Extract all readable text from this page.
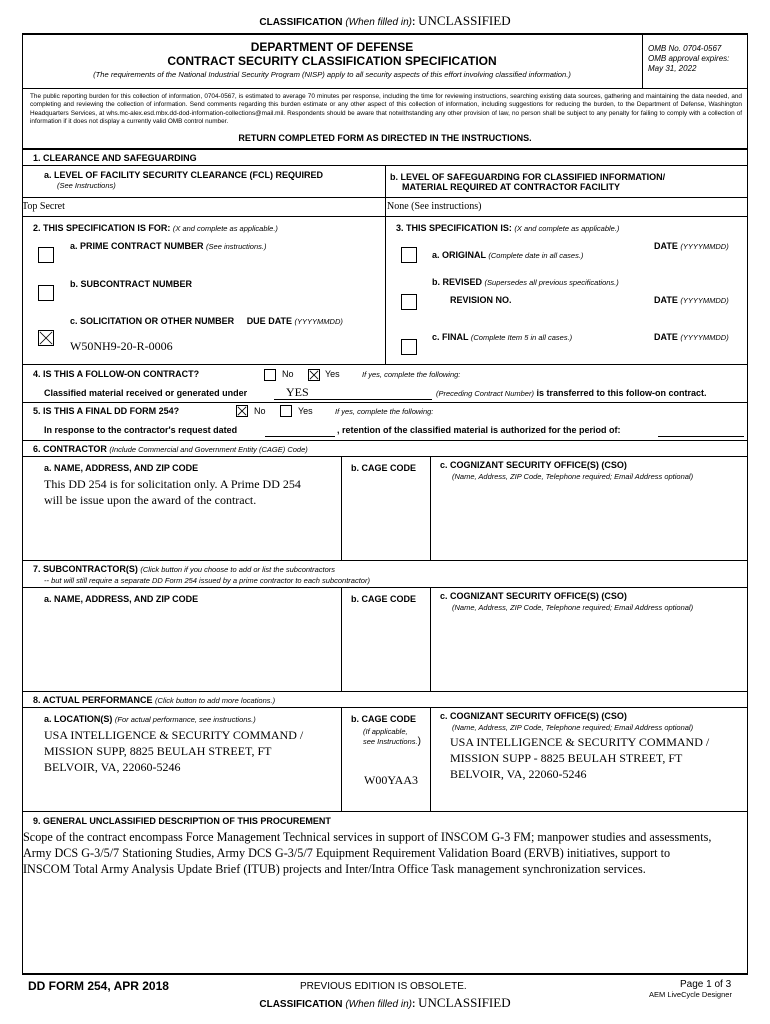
CLASSIFICATION (When filled in): UNCLASSIFIED
DEPARTMENT OF DEFENSE
CONTRACT SECURITY CLASSIFICATION SPECIFICATION
(The requirements of the National Industrial Security Program (NISP) apply to all security aspects of this effort involving classified information.)
OMB No. 0704-0567
OMB approval expires:
May 31, 2022
The public reporting burden for this collection of information, 0704-0567, is estimated to average 70 minutes per response, including the time for reviewing instructions, searching existing data sources, gathering and maintaining the data needed, and completing and reviewing the collection of information. Send comments regarding this burden estimate or any other aspect of this collection of information, including suggestions for reducing the burden, to the Department of Defense, Washington Headquarters Services, at whs.mc-alex.esd.mbx.dd-dod-information-collections@mail.mil. Respondents should be aware that notwithstanding any other provision of law, no person shall be subject to any penalty for failing to comply with a collection of information if it does not display a currently valid OMB control number.
RETURN COMPLETED FORM AS DIRECTED IN THE INSTRUCTIONS.
1. CLEARANCE AND SAFEGUARDING
a. LEVEL OF FACILITY SECURITY CLEARANCE (FCL) REQUIRED
(See Instructions)
b. LEVEL OF SAFEGUARDING FOR CLASSIFIED INFORMATION/
MATERIAL REQUIRED AT CONTRACTOR FACILITY
Top Secret	None (See instructions)
2. THIS SPECIFICATION IS FOR: (X and complete as applicable.)	3. THIS SPECIFICATION IS: (X and complete as applicable.)
a. PRIME CONTRACT NUMBER (See instructions.)
b. SUBCONTRACT NUMBER
c. SOLICITATION OR OTHER NUMBER DUE DATE (YYYYMMDD)
W50NH9-20-R-0006
DATE (YYYYMMDD)
a. ORIGINAL (Complete date in all cases.)
b. REVISED (Supersedes all previous specifications.)
REVISION NO.	DATE (YYYYMMDD)
c. FINAL (Complete Item 5 in all cases.)	DATE (YYYYMMDD)
4. IS THIS A FOLLOW-ON CONTRACT?	No	Yes	If yes, complete the following:
Classified material received or generated under	YES	(Preceding Contract Number) is transferred to this follow-on contract.
5. IS THIS A FINAL DD FORM 254?	No	Yes	If yes, complete the following:
In response to the contractor's request dated	, retention of the classified material is authorized for the period of:
6. CONTRACTOR (Include Commercial and Government Entity (CAGE) Code)
a. NAME, ADDRESS, AND ZIP CODE
This DD 254 is for solicitation only. A Prime DD 254
will be issue upon the award of the contract.
b. CAGE CODE	c. COGNIZANT SECURITY OFFICE(S) (CSO)
(Name, Address, ZIP Code, Telephone required; Email Address optional)
7. SUBCONTRACTOR(S) (Click button if you choose to add or list the subcontractors
-- but will still require a separate DD Form 254 issued by a prime contractor to each subcontractor)
a. NAME, ADDRESS, AND ZIP CODE	b. CAGE CODE	c. COGNIZANT SECURITY OFFICE(S) (CSO)
(Name, Address, ZIP Code, Telephone required; Email Address optional)
8. ACTUAL PERFORMANCE (Click button to add more locations.)
a. LOCATION(S) (For actual performance, see instructions.)
USA INTELLIGENCE & SECURITY COMMAND /
MISSION SUPP, 8825 BEULAH STREET, FT
BELVOIR, VA, 22060-5246
b. CAGE CODE
(If applicable,
see Instructions.)
W00YAA3
c. COGNIZANT SECURITY OFFICE(S) (CSO)
(Name, Address, ZIP Code, Telephone required; Email Address optional)
USA INTELLIGENCE & SECURITY COMMAND /
MISSION SUPP - 8825 BEULAH STREET, FT
BELVOIR, VA, 22060-5246
9. GENERAL UNCLASSIFIED DESCRIPTION OF THIS PROCUREMENT
Scope of the contract encompass Force Management Technical services in support of INSCOM G-3 FM; manpower studies and assessments,
Army DCS G-3/5/7 Stationing Studies, Army DCS G-3/5/7 Equipment Requirement Validation Board (ERVB) initiatives, support to
INSCOM Total Army Analysis Update Brief (ITUB) projects and Inter/Intra Office Task management synchronization services.
DD FORM 254, APR 2018	PREVIOUS EDITION IS OBSOLETE.	Page 1 of 3
AEM LiveCycle Designer
CLASSIFICATION (When filled in): UNCLASSIFIED
